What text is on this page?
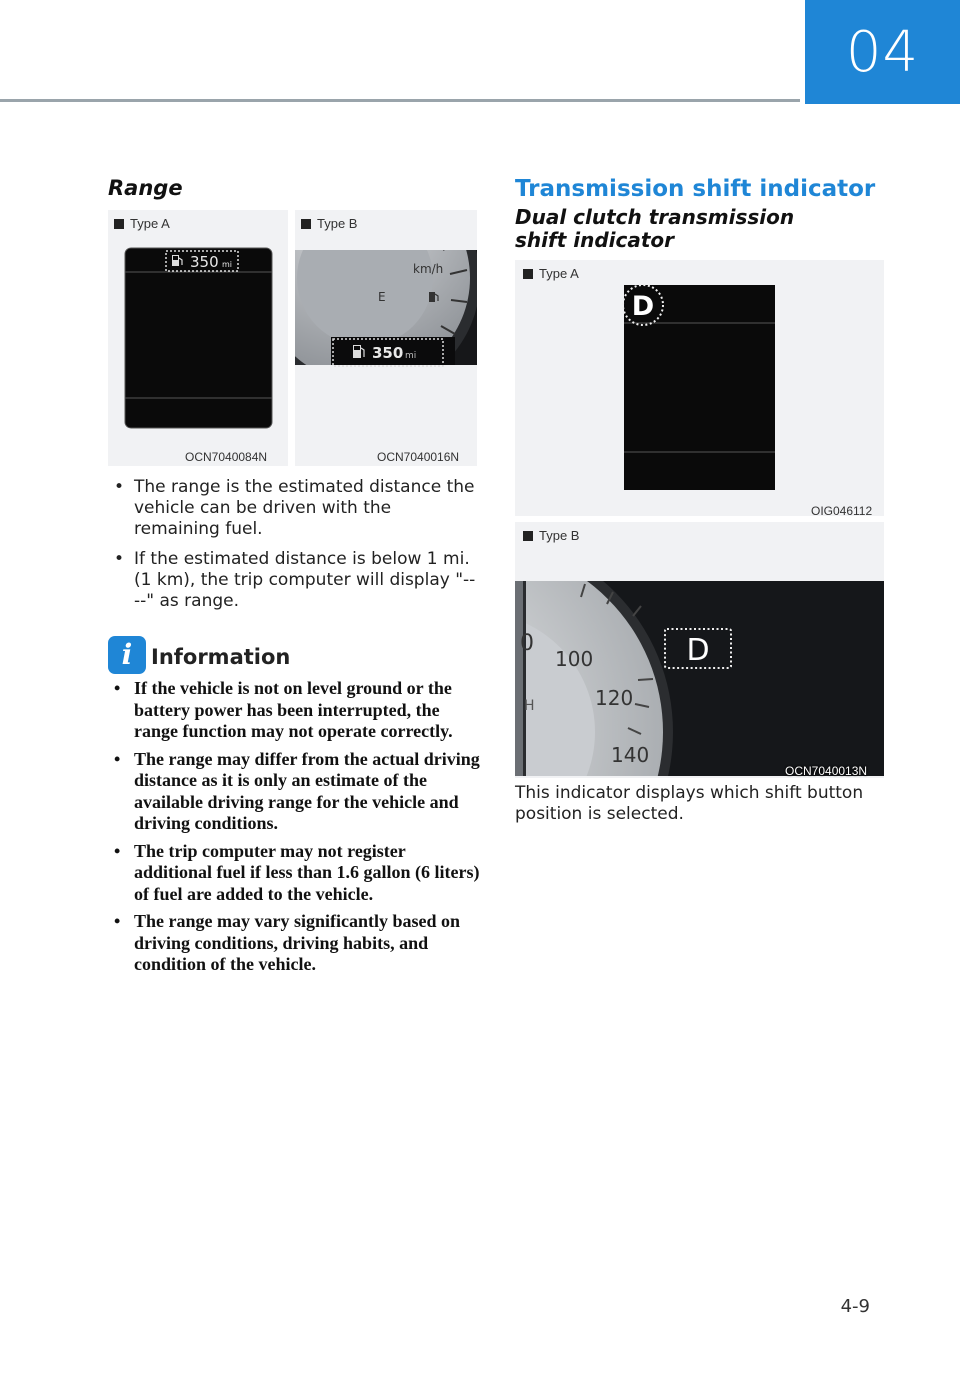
04
Range
Type A
350 mi
OCN7040084N
Type B
km/h
E
350 mi
OCN7040016N
• The range is the estimated distance the vehicle can be driven with the remaining fuel.
• If the estimated distance is below 1 mi. (1 km), the trip computer will display "----" as range.
i Information
• If the vehicle is not on level ground or the battery power has been interrupted, the range function may not operate correctly.
• The range may differ from the actual driving distance as it is only an estimate of the available driving range for the vehicle and driving conditions.
• The trip computer may not register additional fuel if less than 1.6 gallon (6 liters) of fuel are added to the vehicle.
• The range may vary significantly based on driving conditions, driving habits, and condition of the vehicle.
Transmission shift indicator
Dual clutch transmission shift indicator
Type A
D
OIG046112
Type B
0
100
120
140
H
D
OCN7040013N
This indicator displays which shift button position is selected.
4-9
